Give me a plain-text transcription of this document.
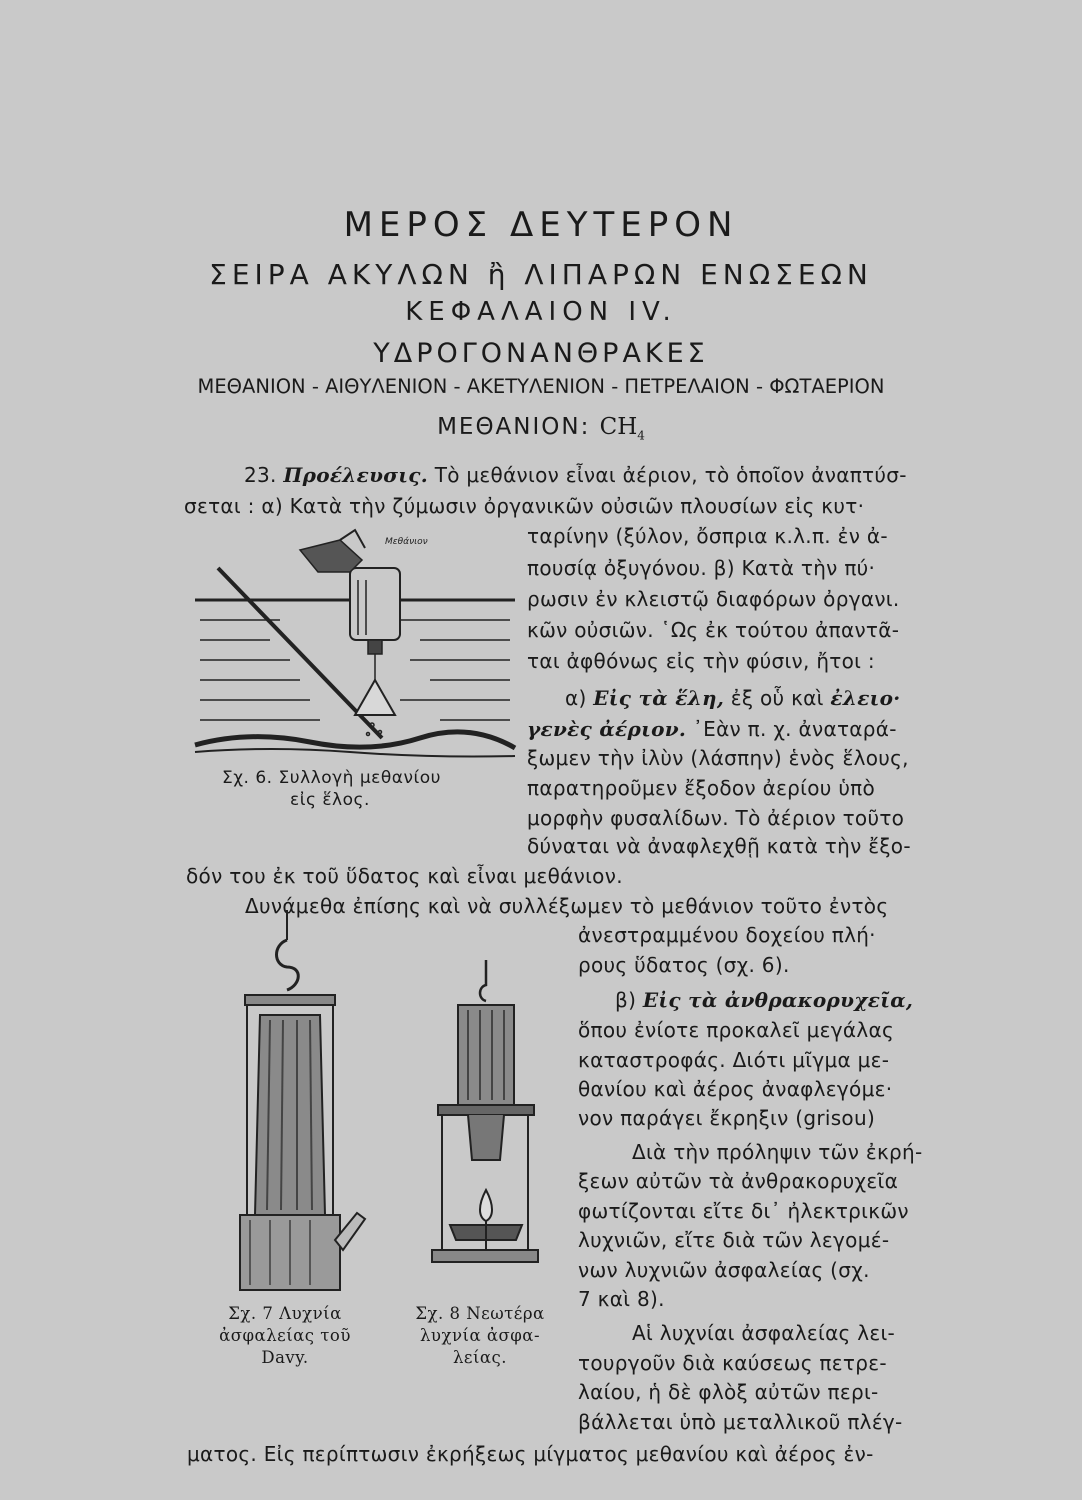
ΜΕΡΟΣ ΔΕΥΤΕΡΟΝ
ΣΕΙΡΑ ΑΚΥΛΩΝ ἢ ΛΙΠΑΡΩΝ ΕΝΩΣΕΩΝ
ΚΕΦΑΛΑΙΟΝ IV.
ΥΔΡΟΓΟΝΑΝΘΡΑΚΕΣ
ΜΕΘΑΝΙΟΝ - ΑΙΘΥΛΕΝΙΟΝ - ΑΚΕΤΥΛΕΝΙΟΝ - ΠΕΤΡΕΛΑΙΟΝ - ΦΩΤΑΕΡΙΟΝ
ΜΕΘΑΝΙΟΝ: $CH_4$
23. Προέλευσις. Τὸ μεθάνιον εἶναι ἀέριον, τὸ ὁποῖον ἀναπτύσ-
σεται : α) Κατὰ τὴν ζύμωσιν ὀργανικῶν οὐσιῶν πλουσίων εἰς κυτ·
ταρίνην (ξύλον, ὄσπρια κ.λ.π. ἐν ἀ-
πουσίᾳ ὀξυγόνου. β) Κατὰ τὴν πύ·
ρωσιν ἐν κλειστῷ διαφόρων ὀργανι.
κῶν οὐσιῶν. ῾Ως ἐκ τούτου ἀπαντᾶ-
ται ἀφθόνως εἰς τὴν φύσιν, ἤτοι :
α) Εἰς τὰ ἕλη, ἐξ οὗ καὶ ἐλειο·
γενὲς ἀέριον. ᾿Εὰν π. χ. ἀναταρά-
ξωμεν τὴν ἰλὺν (λάσπην) ἑνὸς ἕλους,
παρατηροῦμεν ἔξοδον ἀερίου ὑπὸ
μορφὴν φυσαλίδων. Τὸ ἀέριον τοῦτο
δύναται νὰ ἀναφλεχθῇ κατὰ τὴν ἔξο-
δόν του ἐκ τοῦ ὕδατος καὶ εἶναι μεθάνιον.
Δυνάμεθα ἐπίσης καὶ νὰ συλλέξωμεν τὸ μεθάνιον τοῦτο ἐντὸς
ἀνεστραμμένου δοχείου πλή·
ρους ὕδατος (σχ. 6).
β) Εἰς τὰ ἀνθρακορυχεῖα,
ὅπου ἐνίοτε προκαλεῖ μεγάλας
καταστροφάς. Διότι μῖγμα με-
θανίου καὶ ἀέρος ἀναφλεγόμε·
νον παράγει ἔκρηξιν (grisou)
Διὰ τὴν πρόληψιν τῶν ἐκρή-
ξεων αὐτῶν τὰ ἀνθρακορυχεῖα
φωτίζονται εἴτε δι᾿ ἠλεκτρικῶν
λυχνιῶν, εἴτε διὰ τῶν λεγομέ-
νων λυχνιῶν ἀσφαλείας (σχ.
7 καὶ 8).
Αἱ λυχνίαι ἀσφαλείας λει-
τουργοῦν διὰ καύσεως πετρε-
λαίου, ἡ δὲ φλὸξ αὐτῶν περι-
βάλλεται ὑπὸ μεταλλικοῦ πλέγ-
ματος. Εἰς περίπτωσιν ἐκρήξεως μίγματος μεθανίου καὶ ἀέρος ἐν-
Μεθάνιον
Σχ. 6. Συλλογὴ μεθανίου
εἰς ἕλος.
Σχ. 7 Λυχνία
ἀσφαλείας τοῦ
Davy.
Σχ. 8 Νεωτέρα
λυχνία ἀσφα-
λείας.
